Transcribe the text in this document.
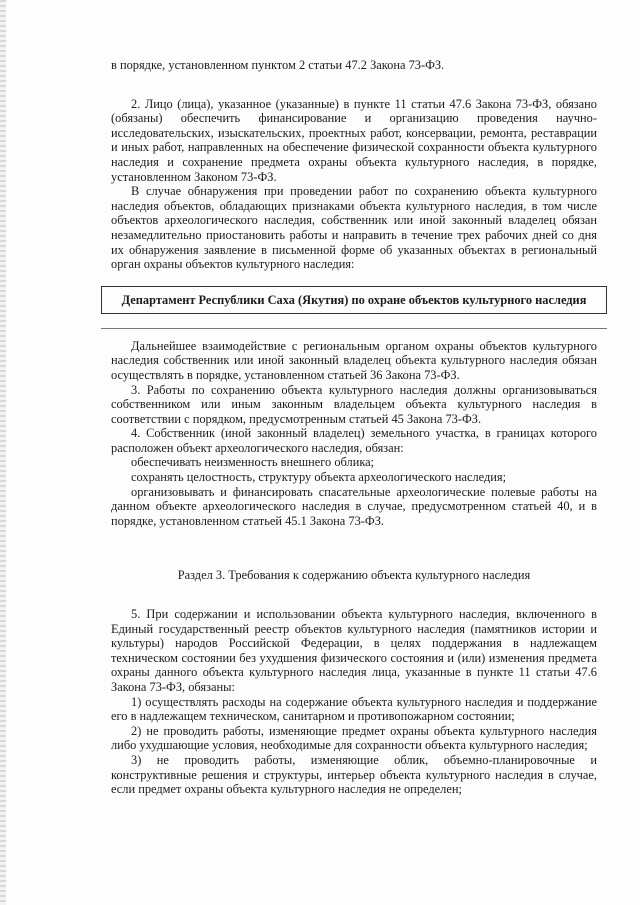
в порядке, установленном пунктом 2 статьи 47.2 Закона 73-ФЗ.

2. Лицо (лица), указанное (указанные) в пункте 11 статьи 47.6 Закона 73-ФЗ, обязано (обязаны) обеспечить финансирование и организацию проведения научно-исследовательских, изыскательских, проектных работ, консервации, ремонта, реставрации и иных работ, направленных на обеспечение физической сохранности объекта культурного наследия и сохранение предмета охраны объекта культурного наследия, в порядке, установленном Законом 73-ФЗ.

В случае обнаружения при проведении работ по сохранению объекта культурного наследия объектов, обладающих признаками объекта культурного наследия, в том числе объектов археологического наследия, собственник или иной законный владелец обязан незамедлительно приостановить работы и направить в течение трех рабочих дней со дня их обнаружения заявление в письменной форме об указанных объектах в региональный орган охраны объектов культурного наследия:

Департамент Республики Саха (Якутия) по охране объектов культурного наследия

Дальнейшее взаимодействие с региональным органом охраны объектов культурного наследия собственник или иной законный владелец объекта культурного наследия обязан осуществлять в порядке, установленном статьей 36 Закона 73-ФЗ.

3. Работы по сохранению объекта культурного наследия должны организовываться собственником или иным законным владельцем объекта культурного наследия в соответствии с порядком, предусмотренным статьей 45 Закона 73-ФЗ.

4. Собственник (иной законный владелец) земельного участка, в границах которого расположен объект археологического наследия, обязан:

обеспечивать неизменность внешнего облика;

сохранять целостность, структуру объекта археологического наследия;

организовывать и финансировать спасательные археологические полевые работы на данном объекте археологического наследия в случае, предусмотренном статьей 40, и в порядке, установленном статьей 45.1 Закона 73-ФЗ.

Раздел 3. Требования к содержанию объекта культурного наследия

5. При содержании и использовании объекта культурного наследия, включенного в Единый государственный реестр объектов культурного наследия (памятников истории и культуры) народов Российской Федерации, в целях поддержания в надлежащем техническом состоянии без ухудшения физического состояния и (или) изменения предмета охраны данного объекта культурного наследия лица, указанные в пункте 11 статьи 47.6 Закона 73-ФЗ, обязаны:

1) осуществлять расходы на содержание объекта культурного наследия и поддержание его в надлежащем техническом, санитарном и противопожарном состоянии;

2) не проводить работы, изменяющие предмет охраны объекта культурного наследия либо ухудшающие условия, необходимые для сохранности объекта культурного наследия;

3) не проводить работы, изменяющие облик, объемно-планировочные и конструктивные решения и структуры, интерьер объекта культурного наследия в случае, если предмет охраны объекта культурного наследия не определен;
